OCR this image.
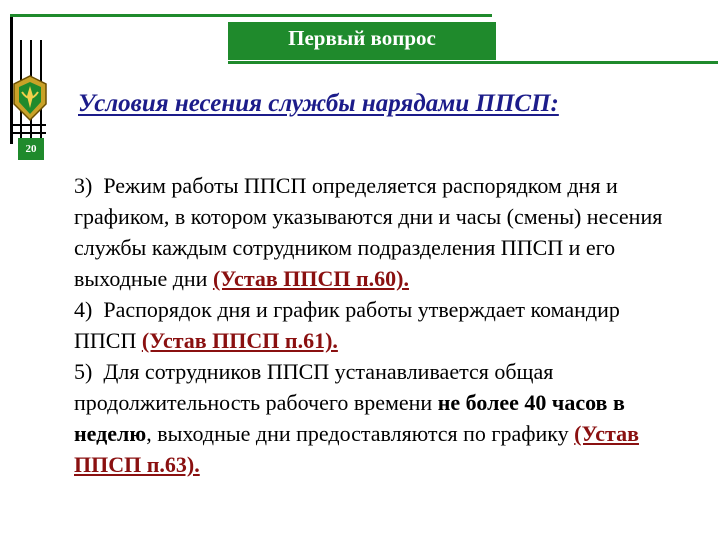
Первый вопрос
20
Условия несения службы нарядами ППСП:
3) Режим работы ППСП определяется распорядком дня и графиком, в котором указываются дни и часы (смены) несения службы каждым сотрудником подразделения ППСП и его выходные дни (Устав ППСП п.60).
4) Распорядок дня и график работы утверждает командир ППСП (Устав ППСП п.61).
5) Для сотрудников ППСП устанавливается общая продолжительность рабочего времени не более 40 часов в неделю, выходные дни предоставляются по графику (Устав ППСП п.63).
